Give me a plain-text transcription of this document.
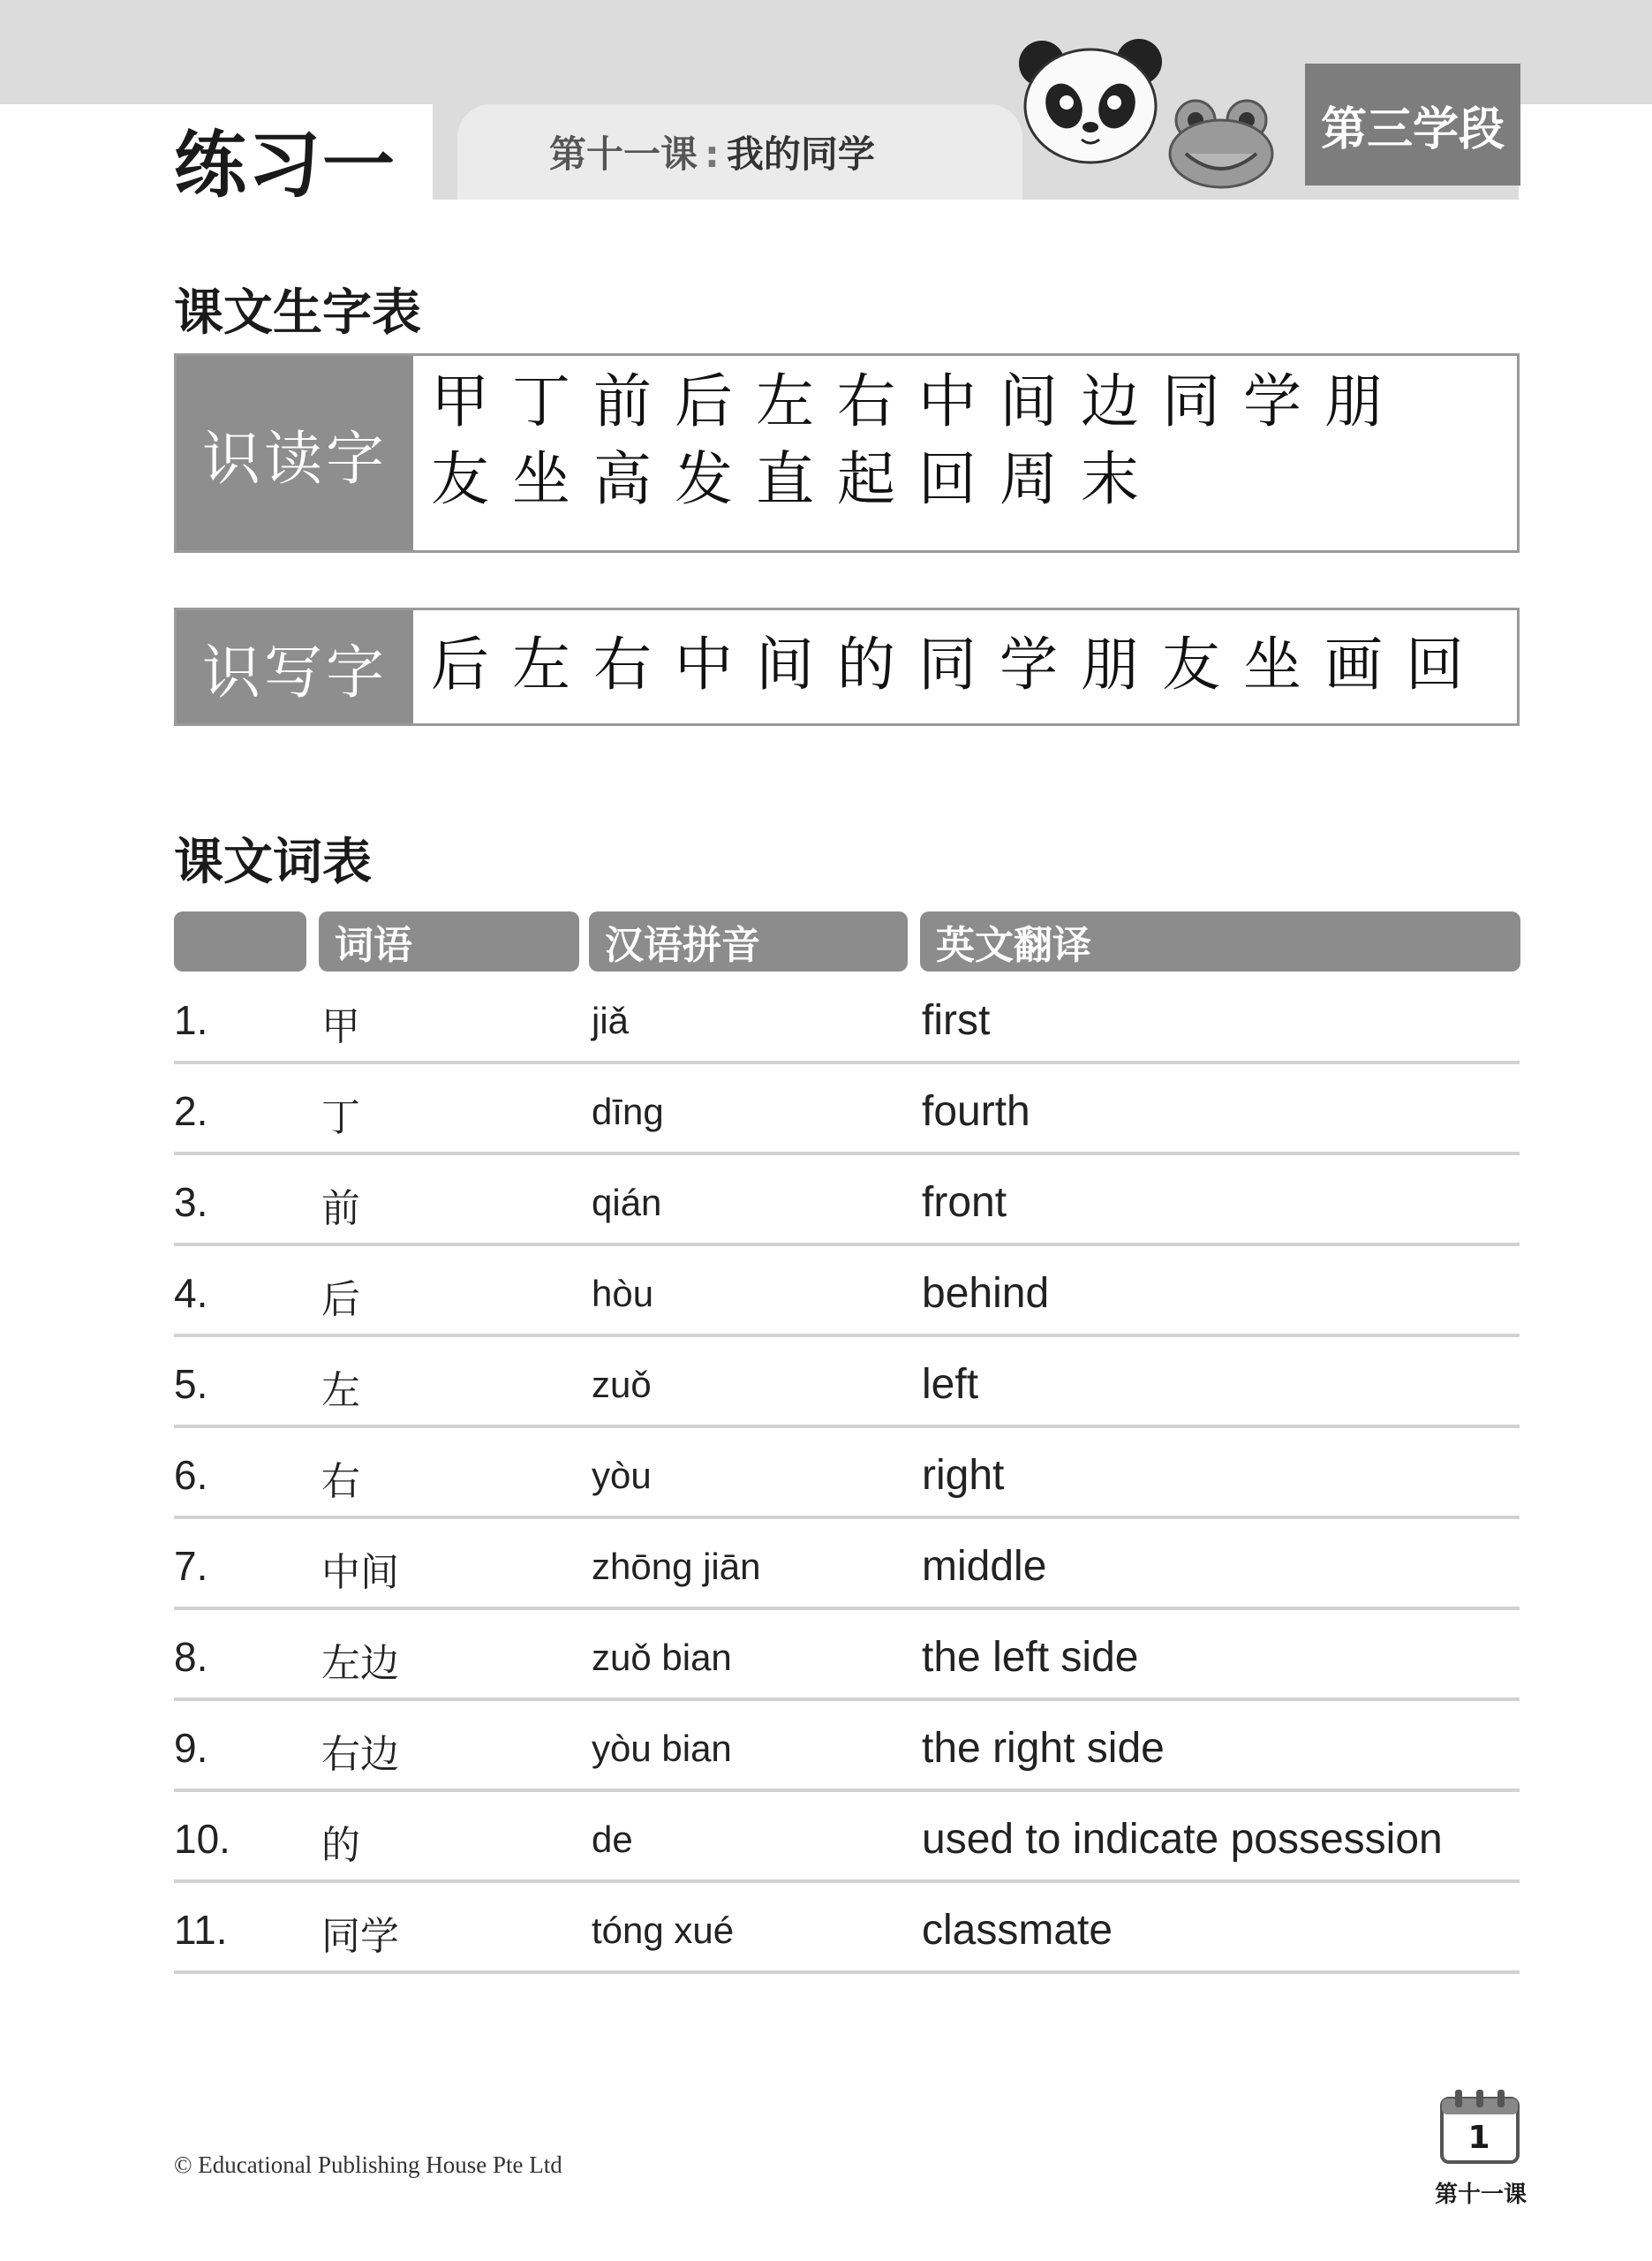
练习一	第十一课 : 我的同学	第三学段
课文生字表
识读字
甲丁前后左右中间边同学朋
友坐高发直起回周末
识写字 后左右中间的同学朋友坐画回
课文词表
词语	汉语拼音	英文翻译
1.	甲	jiǎ	first
2.	丁	dīng	fourth
3.	前	qián	front
4.	后	hòu	behind
5.	左	zuǒ	left
6.	右	yòu	right
7.	中间	zhōng jiān	middle
8.	左边	zuǒ bian	the left side
9.	右边	yòu bian	the right side
10. 的	de	used to indicate possession
11. 同学	tóng xué	classmate
© Educational Publishing House Pte Ltd
1
第十一课
